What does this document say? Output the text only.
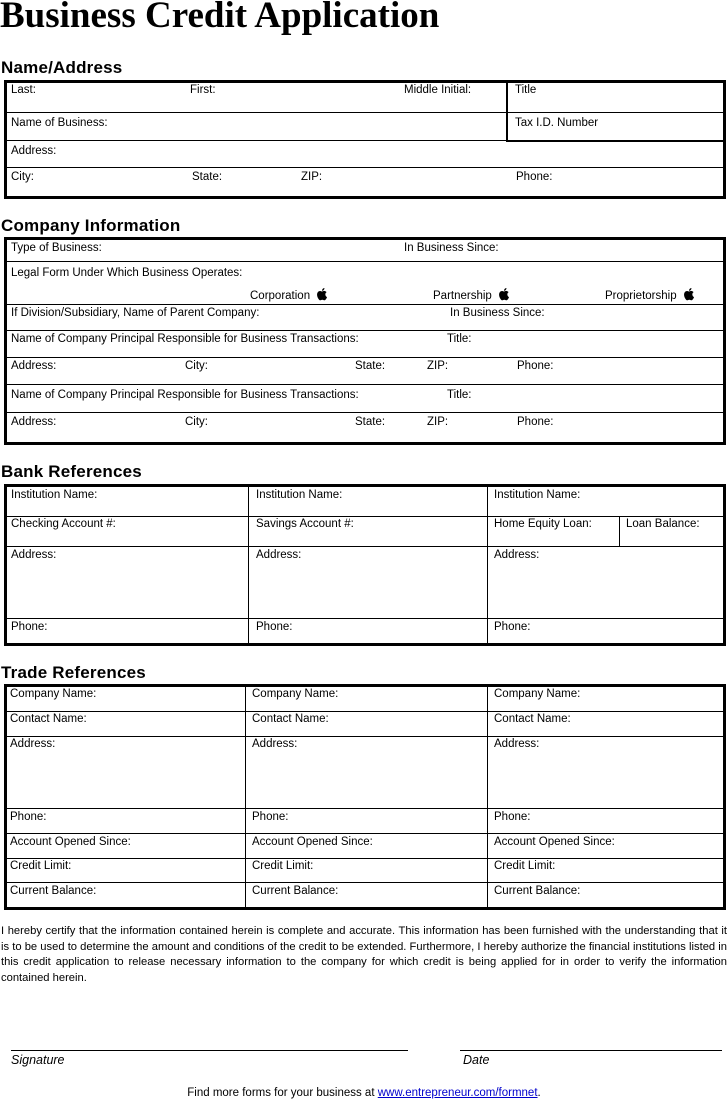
Business Credit Application
Name/Address
Last:	First:	Middle Initial:	Title
Name of Business:	Tax I.D. Number
Address:
City:	State:	ZIP:	Phone:
Company Information
Type of Business:	In Business Since:
Legal Form Under Which Business Operates:
Corporation	Partnership	Proprietorship
If Division/Subsidiary, Name of Parent Company:	In Business Since:
Name of Company Principal Responsible for Business Transactions:	Title:
Address:	City:	State:	ZIP:	Phone:
Name of Company Principal Responsible for Business Transactions:	Title:
Address:	City:	State:	ZIP:	Phone:
Bank References
Institution Name:	Institution Name:	Institution Name:
Checking Account #:	Savings Account #:	Home Equity Loan:	Loan Balance:
Address:	Address:	Address:
Phone:	Phone:	Phone:
Trade References
Company Name:	Company Name:	Company Name:
Contact Name:	Contact Name:	Contact Name:
Address:	Address:	Address:
Phone:	Phone:	Phone:
Account Opened Since:	Account Opened Since:	Account Opened Since:
Credit Limit:	Credit Limit:	Credit Limit:
Current Balance:	Current Balance:	Current Balance:
I hereby certify that the information contained herein is complete and accurate. This information has been furnished with the understanding that it is to be used to determine the amount and conditions of the credit to be extended. Furthermore, I hereby authorize the financial institutions listed in this credit application to release necessary information to the company for which credit is being applied for in order to verify the information contained herein.
Signature	Date
Find more forms for your business at www.entrepreneur.com/formnet.
